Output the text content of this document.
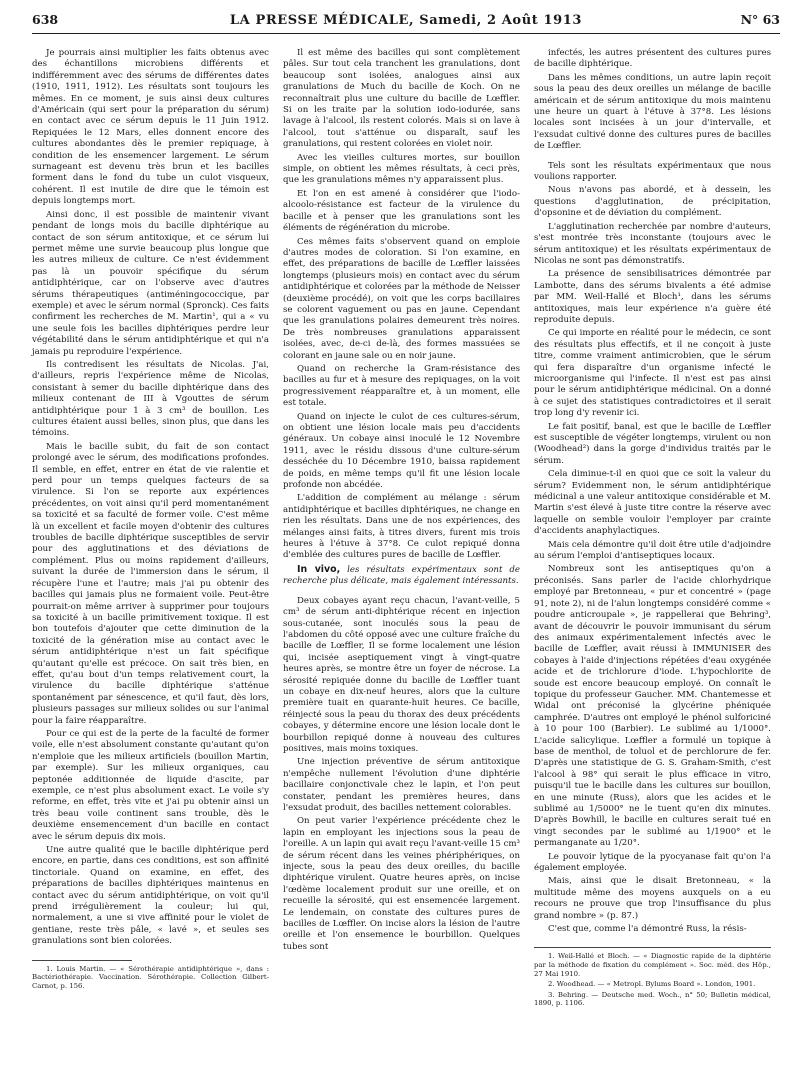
638	LA PRESSE MÉDICALE, Samedi, 2 Août 1913	N° 63

Je pourrais ainsi multiplier les faits obtenus avec des échantillons microbiens différents et indifféremment avec des sérums de différentes dates (1910, 1911, 1912). Les résultats sont toujours les mêmes. En ce moment, je suis ainsi deux cultures d'Américain (qui sert pour la préparation du sérum) en contact avec ce sérum depuis le 11 Juin 1912. Repiquées le 12 Mars, elles donnent encore des cultures abondantes dès le premier repiquage, à condition de les ensemencer largement. Le sérum surnageant est devenu très brun et les bacilles forment dans le fond du tube un culot visqueux, cohérent. Il est inutile de dire que le témoin est depuis longtemps mort.

Ainsi donc, il est possible de maintenir vivant pendant de longs mois du bacille diphtérique au contact de son sérum antitoxique, et ce sérum lui permet même une survie beaucoup plus longue que les autres milieux de culture. Ce n'est évidemment pas là un pouvoir spécifique du sérum antidiphtérique, car on l'observe avec d'autres sérums thérapeutiques (antiméningococcique, par exemple) et avec le sérum normal (Spronck). Ces faits confirment les recherches de M. Martin¹, qui a « vu une seule fois les bacilles diphtériques perdre leur végétabilité dans le sérum antidiphtérique et qui n'a jamais pu reproduire l'expérience.

Ils contredisent les résultats de Nicolas. J'ai, d'ailleurs, repris l'expérience même de Nicolas, consistant à semer du bacille diphtérique dans des milieux contenant de III à Vgouttes de sérum antidiphtérique pour 1 à 3 cm³ de bouillon. Les cultures étaient aussi belles, sinon plus, que dans les témoins.

Mais le bacille subit, du fait de son contact prolongé avec le sérum, des modifications profondes. Il semble, en effet, entrer en état de vie ralentie et perd pour un temps quelques facteurs de sa virulence. Si l'on se reporte aux expériences précédentes, on voit ainsi qu'il perd momentanément sa toxicité et sa faculté de former voile. C'est même là un excellent et facile moyen d'obtenir des cultures troubles de bacille diphtérique susceptibles de servir pour des agglutinations et des déviations de complément. Plus ou moins rapidement d'ailleurs, suivant la durée de l'immersion dans le sérum, il récupère l'une et l'autre; mais j'ai pu obtenir des bacilles qui jamais plus ne formaient voile. Peut-être pourrait-on même arriver à supprimer pour toujours sa toxicité à un bacille primitivement toxique. Il est bon toutefois d'ajouter que cette diminution de la toxicité de la génération mise au contact avec le sérum antidiphtérique n'est un fait spécifique qu'autant qu'elle est précoce. On sait très bien, en effet, qu'au bout d'un temps relativement court, la virulence du bacille diphtérique s'atténue spontanément par sénescence, et qu'il faut, dès lors, plusieurs passages sur milieux solides ou sur l'animal pour la faire réapparaître.

Pour ce qui est de la perte de la faculté de former voile, elle n'est absolument constante qu'autant qu'on n'emploie que les milieux artificiels (bouillon Martin, par exemple). Sur les milieux organiques, cau peptonée additionnée de liquide d'ascite, par exemple, ce n'est plus absolument exact. Le voile s'y reforme, en effet, très vite et j'ai pu obtenir ainsi un très beau voile continent sans trouble, dès le deuxième ensemencement d'un bacille en contact avec le sérum depuis dix mois.

Une autre qualité que le bacille diphtérique perd encore, en partie, dans ces conditions, est son affinité tinctoriale. Quand on examine, en effet, des préparations de bacilles diphtériques maintenus en contact avec du sérum antidiphtérique, on voit qu'il prend irrégulièrement la couleur; lui qui, normalement, a une si vive affinité pour le violet de gentiane, reste très pâle, « lavé », et seules ses granulations sont bien colorées.

1. Louis Martin. — « Sérothérapie antidiphtérique », dans : Bactériothérapie. Vaccination. Sérothérapie. Collection Gilbert-Carnot, p. 156.

Il est même des bacilles qui sont complètement pâles. Sur tout cela tranchent les granulations, dont beaucoup sont isolées, analogues ainsi aux granulations de Much du bacille de Koch. On ne reconnaîtrait plus une culture du bacille de Lœffler. Si on les traite par la solution iodo-iodurée, sans lavage à l'alcool, ils restent colorés. Mais si on lave à l'alcool, tout s'atténue ou disparaît, sauf les granulations, qui restent colorées en violet noir.

Avec les vieilles cultures mortes, sur bouillon simple, on obtient les mêmes résultats, à ceci près, que les granulations mêmes n'y apparaissent plus.

Et l'on en est amené à considérer que l'iodo-alcoolo-résistance est facteur de la virulence du bacille et à penser que les granulations sont les éléments de régénération du microbe.

Ces mêmes faits s'observent quand on emploie d'autres modes de coloration. Si l'on examine, en effet, des préparations de bacille de Lœffler laissées longtemps (plusieurs mois) en contact avec du sérum antidiphtérique et colorées par la méthode de Neisser (deuxième procédé), on voit que les corps bacillaires se colorent vaguement ou pas en jaune. Cependant que les granulations polaires demeurent très noires. De très nombreuses granulations apparaissent isolées, avec, de-ci de-là, des formes massuées se colorant en jaune sale ou en noir jaune.

Quand on recherche la Gram-résistance des bacilles au fur et à mesure des repiquages, on la voit progressivement réapparaître et, à un moment, elle est totale.

Quand on injecte le culot de ces cultures-sérum, on obtient une lésion locale mais peu d'accidents généraux. Un cobaye ainsi inoculé le 12 Novembre 1911, avec le résidu dissous d'une culture-sérum desséchée du 10 Décembre 1910, baissa rapidement de poids, en même temps qu'il fit une lésion locale profonde non abcédée.

L'addition de complément au mélange : sérum antidiphtérique et bacilles diphtériques, ne change en rien les résultats. Dans une de nos expériences, des mélanges ainsi faits, à titres divers, furent mis trois heures à l'étuve à 37°8. Ce culot repiqué donna d'emblée des cultures pures de bacille de Lœffler.

In vivo, les résultats expérimentaux sont de recherche plus délicate, mais également intéressants.

Deux cobayes ayant reçu chacun, l'avant-veille, 5 cm³ de sérum anti-diphtérique récent en injection sous-cutanée, sont inoculés sous la peau de l'abdomen du côté opposé avec une culture fraîche du bacille de Lœffler, Il se forme localement une lésion qui, incisée aseptiquement vingt à vingt-quatre heures après, se montre être un foyer de nécrose. La sérosité repiquée donne du bacille de Lœffler tuant un cobaye en dix-neuf heures, alors que la culture première tuait en quarante-huit heures. Ce bacille, réinjecté sous la peau du thorax des deux précédents cobayes, y détermine encore une lésion locale dont le bourbillon repiqué donne à nouveau des cultures positives, mais moins toxiques.

Une injection préventive de sérum antitoxique n'empêche nullement l'évolution d'une diphtérie bacillaire conjonctivale chez le lapin, et l'on peut constater, pendant les premières heures, dans l'exsudat produit, des bacilles nettement colorables.

On peut varier l'expérience précédente chez le lapin en employant les injections sous la peau de l'oreille. A un lapin qui avait reçu l'avant-veille 15 cm³ de sérum récent dans les veines phériphériques, on injecte, sous la peau des deux oreilles, du bacille diphtérique virulent. Quatre heures après, on incise l'œdème localement produit sur une oreille, et on recueille la sérosité, qui est ensemencée largement. Le lendemain, on constate des cultures pures de bacilles de Lœffler. On incise alors la lésion de l'autre oreille et l'on ensemence le bourbillon. Quelques tubes sont

infectés, les autres présentent des cultures pures de bacille diphtérique.

Dans les mêmes conditions, un autre lapin reçoit sous la peau des deux oreilles un mélange de bacille américain et de sérum antitoxique du mois maintenu une heure un quart à l'étuve à 37°8. Les lésions locales sont incisées à un jour d'intervalle, et l'exsudat cultivé donne des cultures pures de bacilles de Lœffler.

Tels sont les résultats expérimentaux que nous voulions rapporter.

Nous n'avons pas abordé, et à dessein, les questions d'agglutination, de précipitation, d'opsonine et de déviation du complément.

L'agglutination recherchée par nombre d'auteurs, s'est montrée très inconstante (toujours avec le sérum antitoxique) et les résultats expérimentaux de Nicolas ne sont pas démonstratifs.

La présence de sensibilisatrices démontrée par Lambotte, dans des sérums bivalents a été admise par MM. Weil-Hallé et Bloch¹, dans les sérums antitoxiques, mais leur expérience n'a guère été reproduite depuis.

Ce qui importe en réalité pour le médecin, ce sont des résultats plus effectifs, et il ne conçoit à juste titre, comme vraiment antimicrobien, que le sérum qui fera disparaître d'un organisme infecté le microorganisme qui l'infecte. Il n'est est pas ainsi pour le sérum antidiphtérique médicinal. On a donné à ce sujet des statistiques contradictoires et il serait trop long d'y revenir ici.

Le fait positif, banal, est que le bacille de Lœffler est susceptible de végéter longtemps, virulent ou non (Woodhead²) dans la gorge d'individus traités par le sérum.

Cela diminue-t-il en quoi que ce soit la valeur du sérum? Evidemment non, le sérum antidiphtérique médicinal a une valeur antitoxique considérable et M. Martin s'est élevé à juste titre contre la réserve avec laquelle on semble vouloir l'employer par crainte d'accidents anaphylactiques.

Mais cela démontre qu'il doit être utile d'adjoindre au sérum l'emploi d'antiseptiques locaux.

Nombreux sont les antiseptiques qu'on a préconisés. Sans parler de l'acide chlorhydrique employé par Bretonneau, « pur et concentré » (page 91, note 2), ni de l'alun longtemps considéré comme « poudre anticroupale », je rappellerai que Behring³, avant de découvrir le pouvoir immunisant du sérum des animaux expérimentalement infectés avec le bacille de Lœffler, avait réussi à IMMUNISER des cobayes à l'aide d'injections répétées d'eau oxygénée acide et de trichlorure d'iode. L'hypochlorite de soude est encore beaucoup employé. On connaît le topique du professeur Gaucher. MM. Chantemesse et Widal ont préconisé la glycérine phéniquée camphrée. D'autres ont employé le phénol sulforiciné à 10 pour 100 (Barbier). Le sublimé au 1/1000°. L'acide salicylique. Lœffler a formulé un topique à base de menthol, de toluol et de perchlorure de fer. D'après une statistique de G. S. Graham-Smith, c'est l'alcool à 98° qui serait le plus efficace in vitro, puisqu'il tue le bacille dans les cultures sur bouillon, en une minute (Russ), alors que les acides et le sublimé au 1/5000° ne le tuent qu'en dix minutes. D'après Bowhill, le bacille en cultures serait tué en vingt secondes par le sublimé au 1/1900° et le permanganate au 1/20°.

Le pouvoir lytique de la pyocyanase fait qu'on l'a également employée.

Mais, ainsi que le disait Bretonneau, « la multitude même des moyens auxquels on a eu recours ne prouve que trop l'insuffisance du plus grand nombre » (p. 87.)

C'est que, comme l'a démontré Russ, la résis-

1. Weil-Hallé et Bloch. — « Diagnostic rapide de la diphtérie par la méthode de fixation du complément ». Soc. méd. des Hôp., 27 Mai 1910.

2. Woodhead. — « Metropl. Bylums Board ». London, 1901.

3. Behring. — Deutsche med. Woch., n° 50; Bulletin médical, 1890, p. 1106.
